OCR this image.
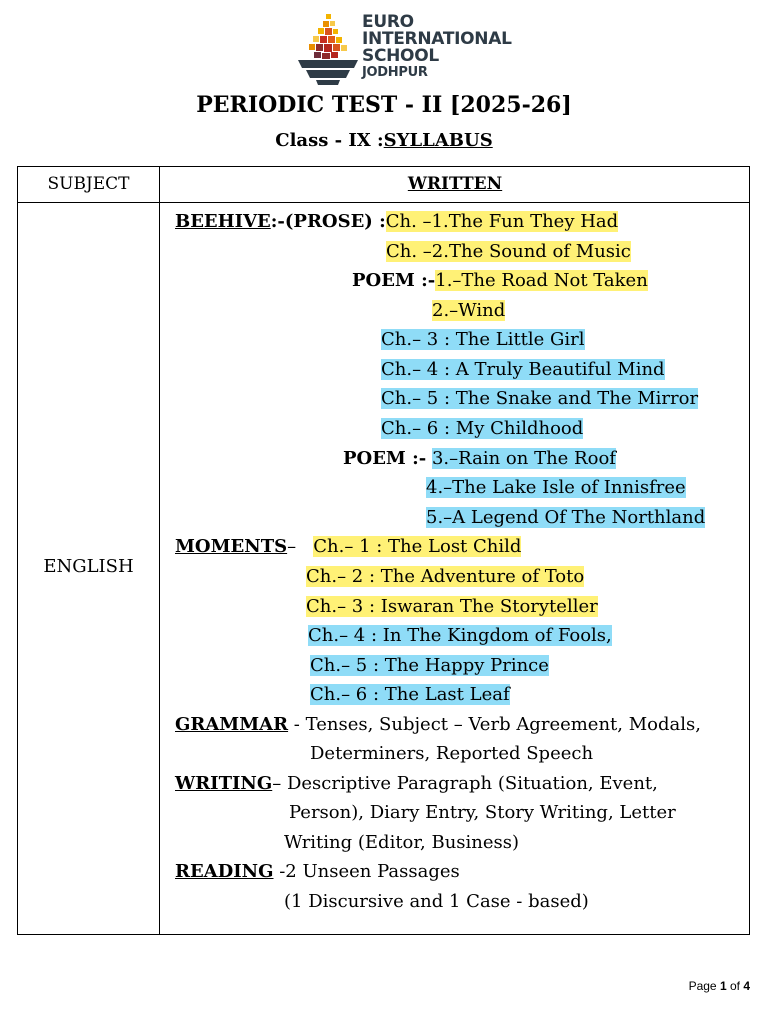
EURO
INTERNATIONAL
SCHOOL
JODHPUR
PERIODIC TEST - II [2025-26]
Class - IX :SYLLABUS
SUBJECT	WRITTEN
ENGLISH
BEEHIVE:-(PROSE) :Ch. –1.The Fun They Had
Ch. –2.The Sound of Music
POEM :-1.–The Road Not Taken
2.–Wind
Ch.– 3 : The Little Girl
Ch.– 4 : A Truly Beautiful Mind
Ch.– 5 : The Snake and The Mirror
Ch.– 6 : My Childhood
POEM :- 3.–Rain on The Roof
4.–The Lake Isle of Innisfree
5.–A Legend Of The Northland
MOMENTS– Ch.– 1 : The Lost Child
Ch.– 2 : The Adventure of Toto
Ch.– 3 : Iswaran The Storyteller
Ch.– 4 : In The Kingdom of Fools,
Ch.– 5 : The Happy Prince
Ch.– 6 : The Last Leaf
GRAMMAR - Tenses, Subject – Verb Agreement, Modals,
Determiners, Reported Speech
WRITING– Descriptive Paragraph (Situation, Event,
Person), Diary Entry, Story Writing, Letter
Writing (Editor, Business)
READING -2 Unseen Passages
(1 Discursive and 1 Case - based)
Page 1 of 4
